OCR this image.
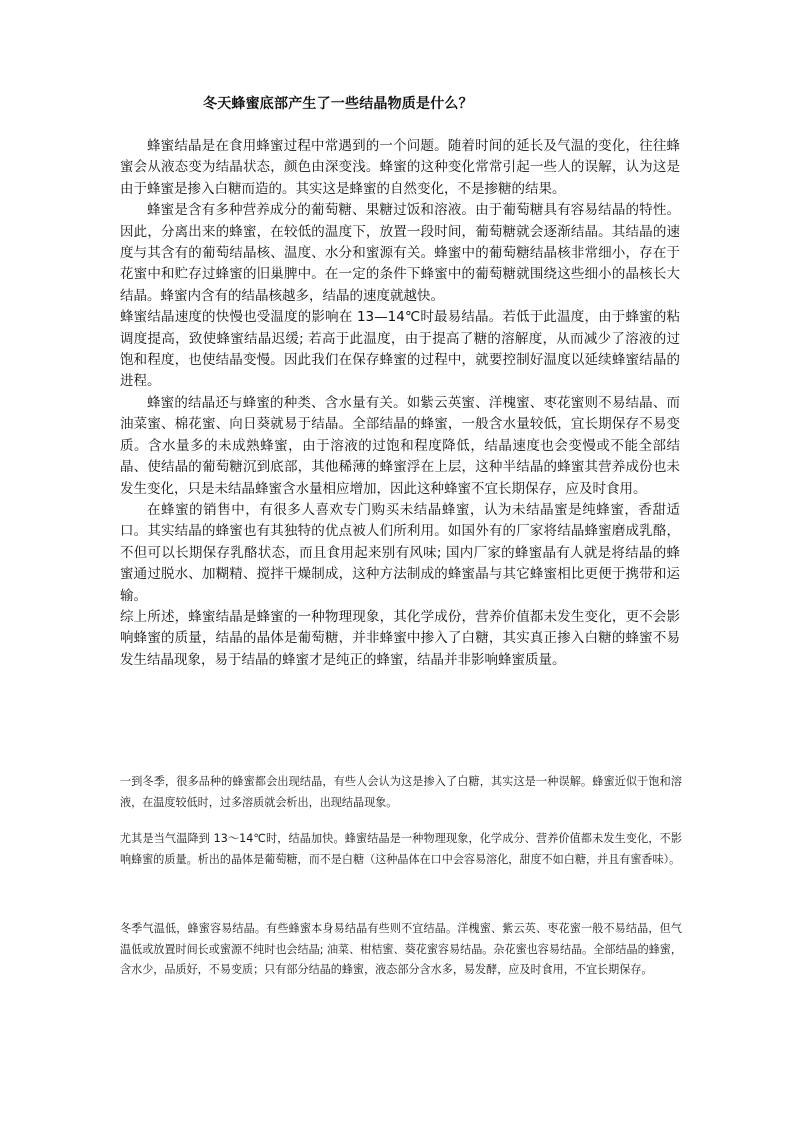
冬天蜂蜜底部产生了一些结晶物质是什么？

蜂蜜结晶是在食用蜂蜜过程中常遇到的一个问题。随着时间的延长及气温的变化，往往蜂蜜会从液态变为结晶状态，颜色由深变浅。蜂蜜的这种变化常常引起一些人的误解，认为这是由于蜂蜜是掺入白糖而造的。其实这是蜂蜜的自然变化，不是掺糖的结果。

蜂蜜是含有多种营养成分的葡萄糖、果糖过饭和溶液。由于葡萄糖具有容易结晶的特性。因此，分离出来的蜂蜜，在较低的温度下，放置一段时间，葡萄糖就会逐渐结晶。其结晶的速度与其含有的葡萄结晶核、温度、水分和蜜源有关。蜂蜜中的葡萄糖结晶核非常细小，存在于花蜜中和贮存过蜂蜜的旧巢脾中。在一定的条件下蜂蜜中的葡萄糖就围绕这些细小的晶核长大结晶。蜂蜜内含有的结晶核越多，结晶的速度就越快。

蜂蜜结晶速度的快慢也受温度的影响在 13—14℃时最易结晶。若低于此温度，由于蜂蜜的粘调度提高，致使蜂蜜结晶迟缓; 若高于此温度，由于提高了糖的溶解度，从而减少了溶液的过饱和程度，也使结晶变慢。因此我们在保存蜂蜜的过程中，就要控制好温度以延续蜂蜜结晶的进程。

蜂蜜的结晶还与蜂蜜的种类、含水量有关。如紫云英蜜、洋槐蜜、枣花蜜则不易结晶、而油菜蜜、棉花蜜、向日葵就易于结晶。全部结晶的蜂蜜，一般含水量较低，宜长期保存不易变质。含水量多的未成熟蜂蜜，由于溶液的过饱和程度降低，结晶速度也会变慢或不能全部结晶、使结晶的葡萄糖沉到底部，其他稀薄的蜂蜜浮在上层，这种半结晶的蜂蜜其营养成份也未发生变化，只是未结晶蜂蜜含水量相应增加，因此这种蜂蜜不宜长期保存，应及时食用。

在蜂蜜的销售中，有很多人喜欢专门购买未结晶蜂蜜，认为未结晶蜜是纯蜂蜜，香甜适口。其实结晶的蜂蜜也有其独特的优点被人们所利用。如国外有的厂家将结晶蜂蜜磨成乳酪，不但可以长期保存乳酪状态，而且食用起来别有风味; 国内厂家的蜂蜜晶有人就是将结晶的蜂蜜通过脱水、加糊精、搅拌干燥制成，这种方法制成的蜂蜜晶与其它蜂蜜相比更便于携带和运输。

综上所述，蜂蜜结晶是蜂蜜的一种物理现象，其化学成份，营养价值都未发生变化，更不会影响蜂蜜的质量，结晶的晶体是葡萄糖，并非蜂蜜中掺入了白糖，其实真正掺入白糖的蜂蜜不易发生结晶现象，易于结晶的蜂蜜才是纯正的蜂蜜，结晶并非影响蜂蜜质量。

一到冬季，很多品种的蜂蜜都会出现结晶，有些人会认为这是掺入了白糖，其实这是一种误解。蜂蜜近似于饱和溶液，在温度较低时，过多溶质就会析出，出现结晶现象。

尤其是当气温降到 13～14℃时，结晶加快。蜂蜜结晶是一种物理现象，化学成分、营养价值都未发生变化，不影响蜂蜜的质量。析出的晶体是葡萄糖，而不是白糖（这种晶体在口中会容易溶化，甜度不如白糖，并且有蜜香味）。

冬季气温低，蜂蜜容易结晶。有些蜂蜜本身易结晶有些则不宜结晶。洋槐蜜、紫云英、枣花蜜一般不易结晶，但气温低或放置时间长或蜜源不纯时也会结晶; 油菜、柑桔蜜、葵花蜜容易结晶。杂花蜜也容易结晶。全部结晶的蜂蜜，含水少，品质好，不易变质；只有部分结晶的蜂蜜，液态部分含水多，易发酵，应及时食用，不宜长期保存。
